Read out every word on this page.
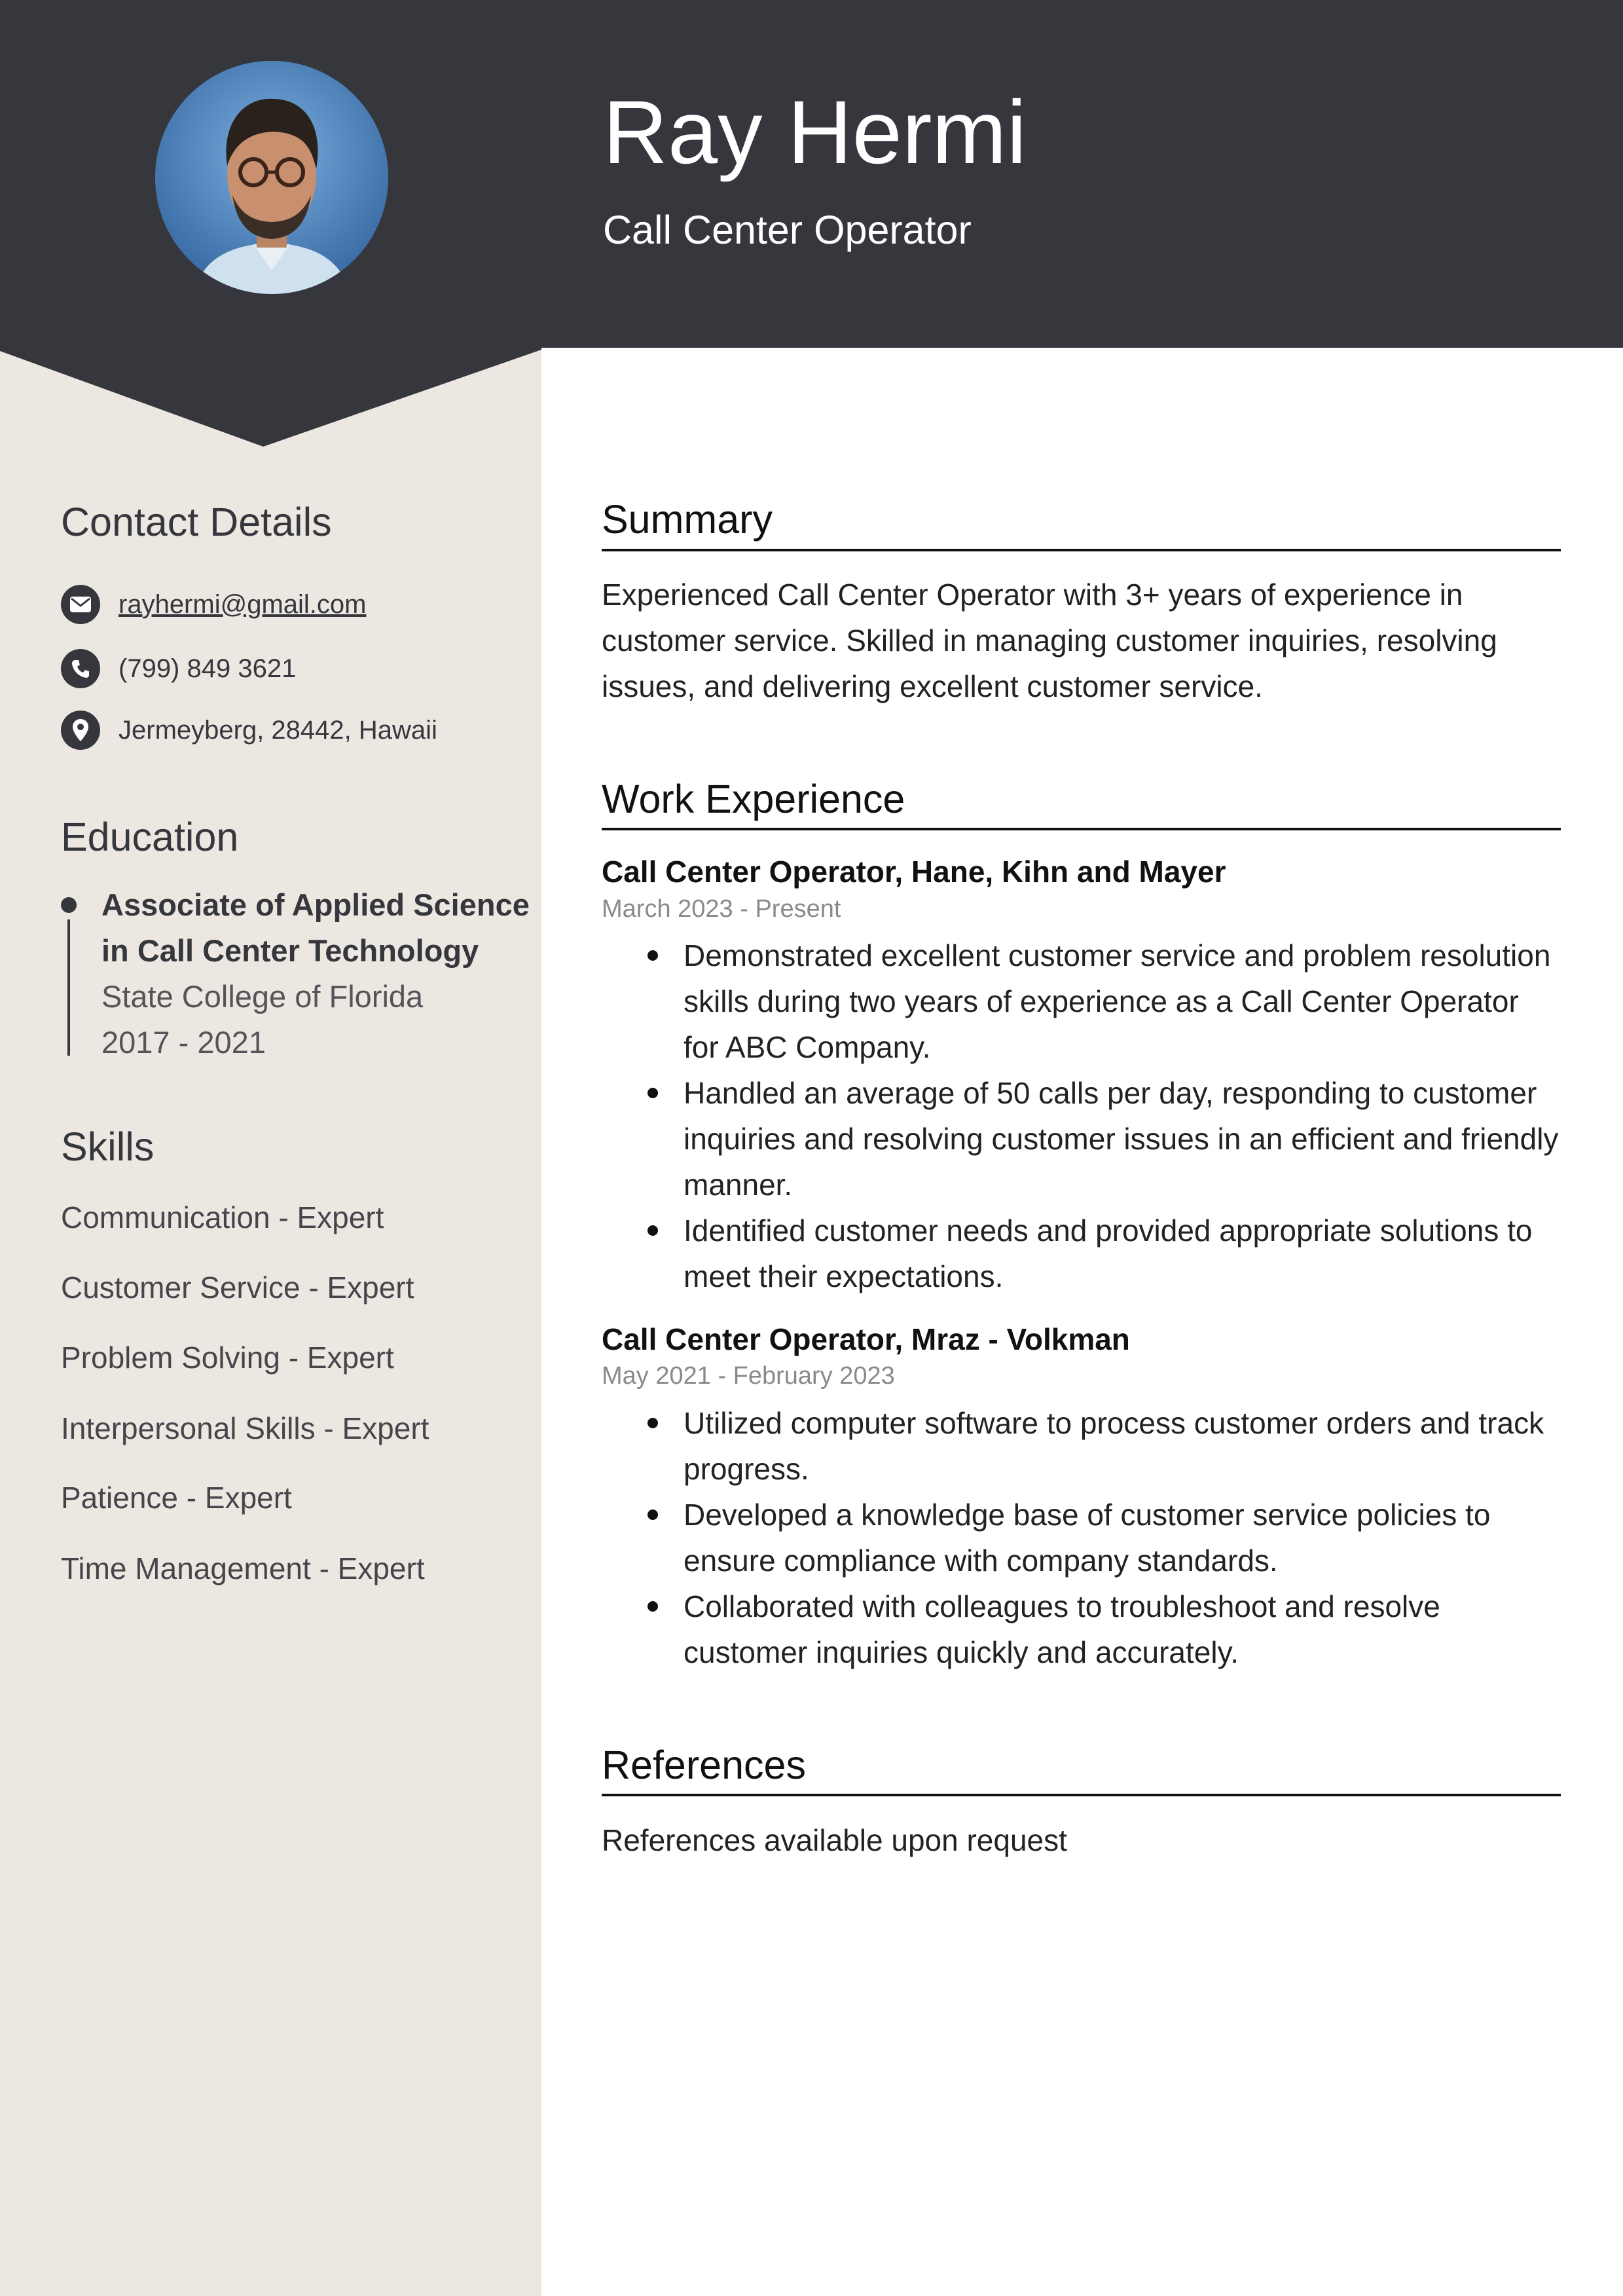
Ray Hermi
Call Center Operator
Contact Details
rayhermi@gmail.com
(799) 849 3621
Jermeyberg, 28442, Hawaii
Education
Associate of Applied Science
in Call Center Technology
State College of Florida
2017 - 2021
Skills
Communication - Expert
Customer Service - Expert
Problem Solving - Expert
Interpersonal Skills - Expert
Patience - Expert
Time Management - Expert
Summary

Experienced Call Center Operator with 3+ years of experience in customer service. Skilled in managing customer inquiries, resolving issues, and delivering excellent customer service.

Work Experience
Call Center Operator, Hane, Kihn and Mayer
March 2023 - Present
Demonstrated excellent customer service and problem resolution skills during two years of experience as a Call Center Operator for ABC Company.
Handled an average of 50 calls per day, responding to customer inquiries and resolving customer issues in an efficient and friendly manner.
Identified customer needs and provided appropriate solutions to meet their expectations.
Call Center Operator, Mraz - Volkman
May 2021 - February 2023
Utilized computer software to process customer orders and track progress.
Developed a knowledge base of customer service policies to ensure compliance with company standards.
Collaborated with colleagues to troubleshoot and resolve customer inquiries quickly and accurately.
References

References available upon request
